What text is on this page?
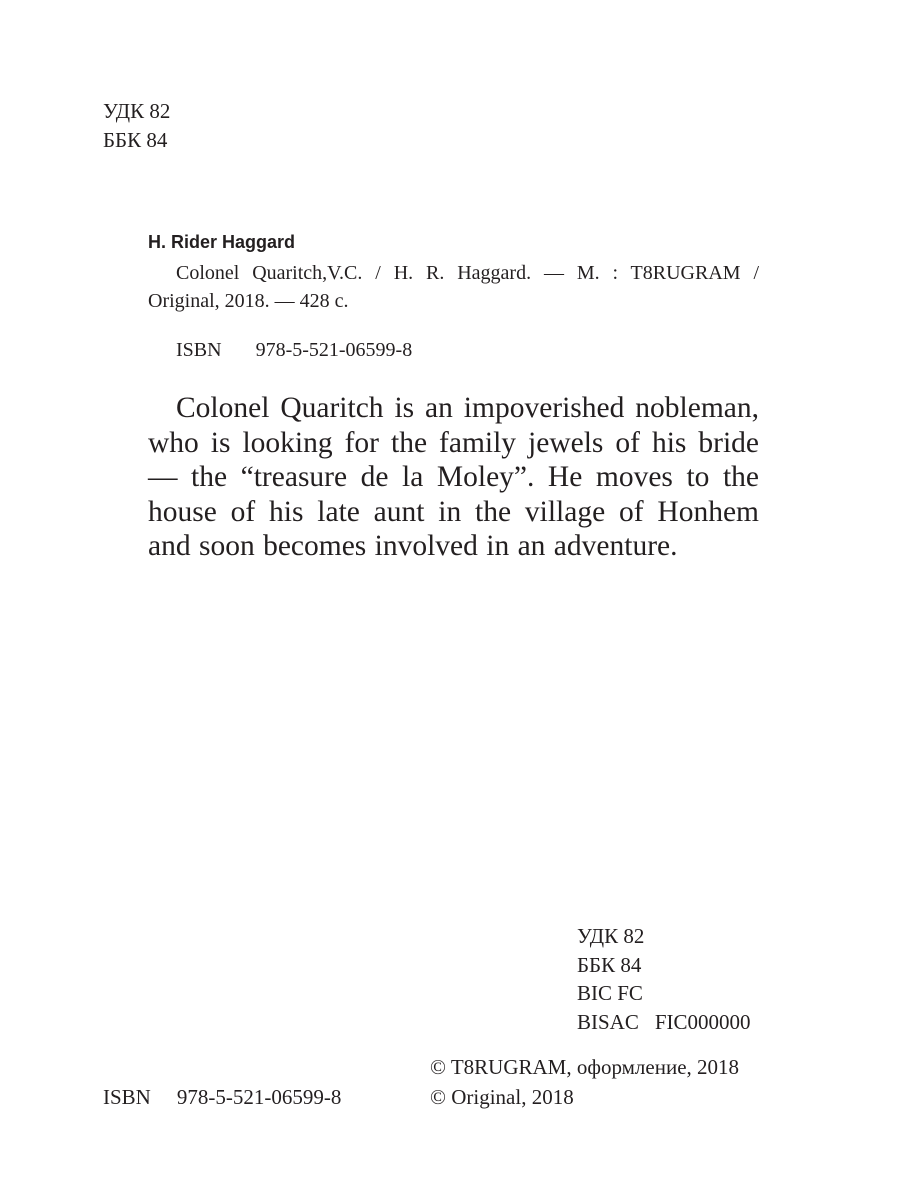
УДК 82
ББК 84
H. Rider Haggard
Colonel Quaritch,V.C. / H. R. Haggard. — M. : T8RUGRAM /
Original, 2018. — 428 c.
ISBN 978-5-521-06599-8
Colonel Quaritch is an impoverished nobleman, who is looking for the family jewels of his bride — the “treasure de la Moley”. He moves to the house of his late aunt in the village of Honhem and soon becomes involved in an adventure.
УДК 82
ББК 84
BIC FC
BISAC FIC000000
© T8RUGRAM, оформление, 2018
© Original, 2018
ISBN 978-5-521-06599-8
